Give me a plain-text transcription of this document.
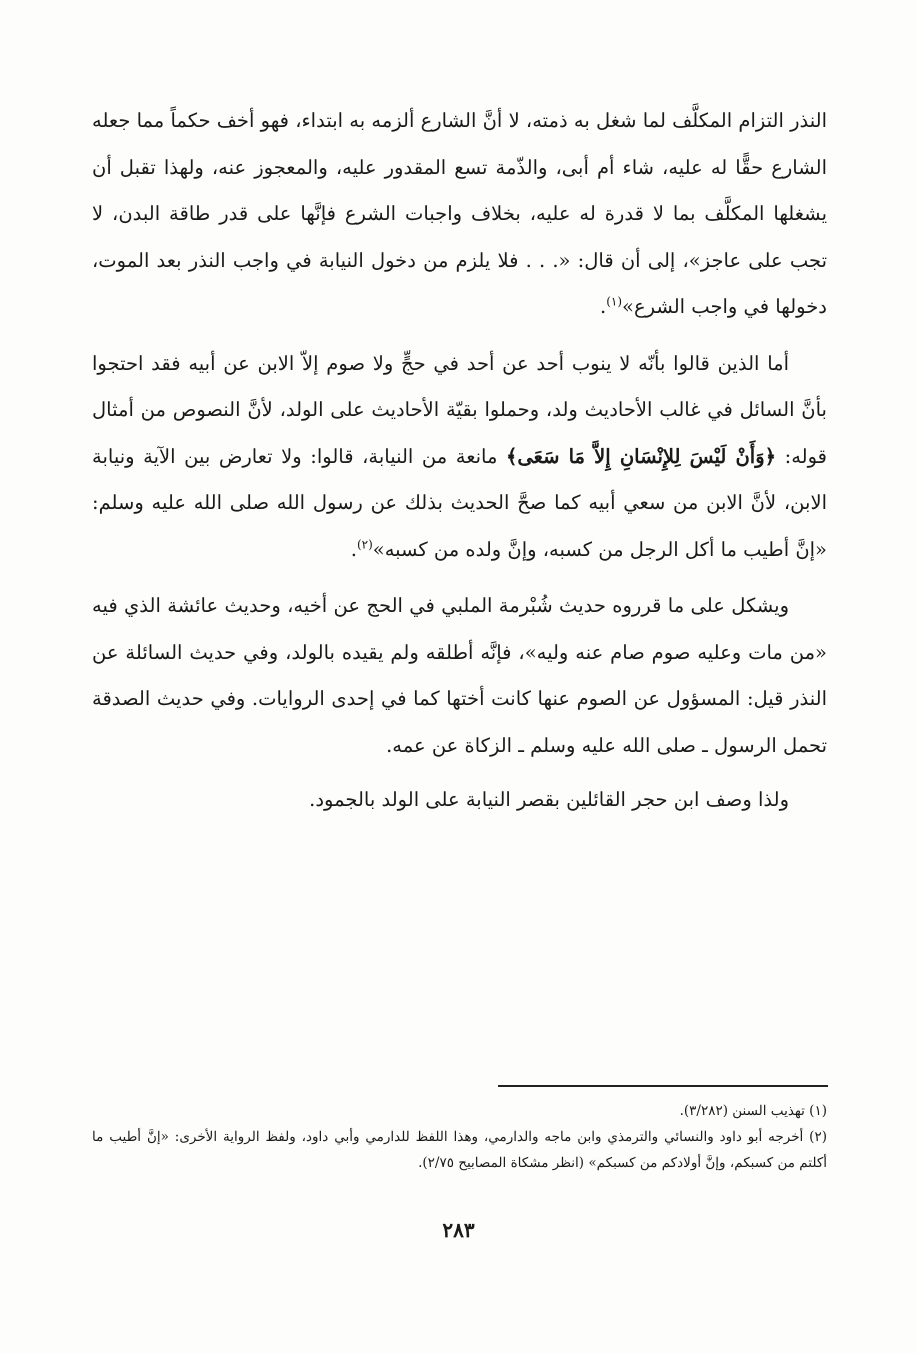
النذر التزام المكلَّف لما شغل به ذمته، لا أنَّ الشارع ألزمه به ابتداء، فهو أخف حكماً مما جعله الشارع حقًّا له عليه، شاء أم أبى، والذّمة تسع المقدور عليه، والمعجوز عنه، ولهذا تقبل أن يشغلها المكلَّف بما لا قدرة له عليه، بخلاف واجبات الشرع فإنَّها على قدر طاقة البدن، لا تجب على عاجز»، إلى أن قال: «. . . فلا يلزم من دخول النيابة في واجب النذر بعد الموت، دخولها في واجب الشرع»$^{(١)}$.

أما الذين قالوا بأنّه لا ينوب أحد عن أحد في حجٍّ ولا صوم إلاّ الابن عن أبيه فقد احتجوا بأنَّ السائل في غالب الأحاديث ولد، وحملوا بقيّة الأحاديث على الولد، لأنَّ النصوص من أمثال قوله: ﴿وَأَنْ لَيْسَ لِلإِنْسَانِ إِلاَّ مَا سَعَى﴾ مانعة من النيابة، قالوا: ولا تعارض بين الآية ونيابة الابن، لأنَّ الابن من سعي أبيه كما صحَّ الحديث بذلك عن رسول الله صلى الله عليه وسلم: «إنَّ أطيب ما أكل الرجل من كسبه، وإنَّ ولده من كسبه»$^{(٢)}$.

ويشكل على ما قرروه حديث شُبْرمة الملبي في الحج عن أخيه، وحديث عائشة الذي فيه «من مات وعليه صوم صام عنه وليه»، فإنَّه أطلقه ولم يقيده بالولد، وفي حديث السائلة عن النذر قيل: المسؤول عن الصوم عنها كانت أختها كما في إحدى الروايات. وفي حديث الصدقة تحمل الرسول ـ صلى الله عليه وسلم ـ الزكاة عن عمه.

ولذا وصف ابن حجر القائلين بقصر النيابة على الولد بالجمود.

(١) تهذيب السنن (٣/٢٨٢).

(٢) أخرجه أبو داود والنسائي والترمذي وابن ماجه والدارمي، وهذا اللفظ للدارمي وأبي داود، ولفظ الرواية الأخرى: «إنَّ أطيب ما أكلتم من كسبكم، وإنَّ أولادكم من كسبكم» (انظر مشكاة المصابيح ٢/٧٥).

٢٨٣
